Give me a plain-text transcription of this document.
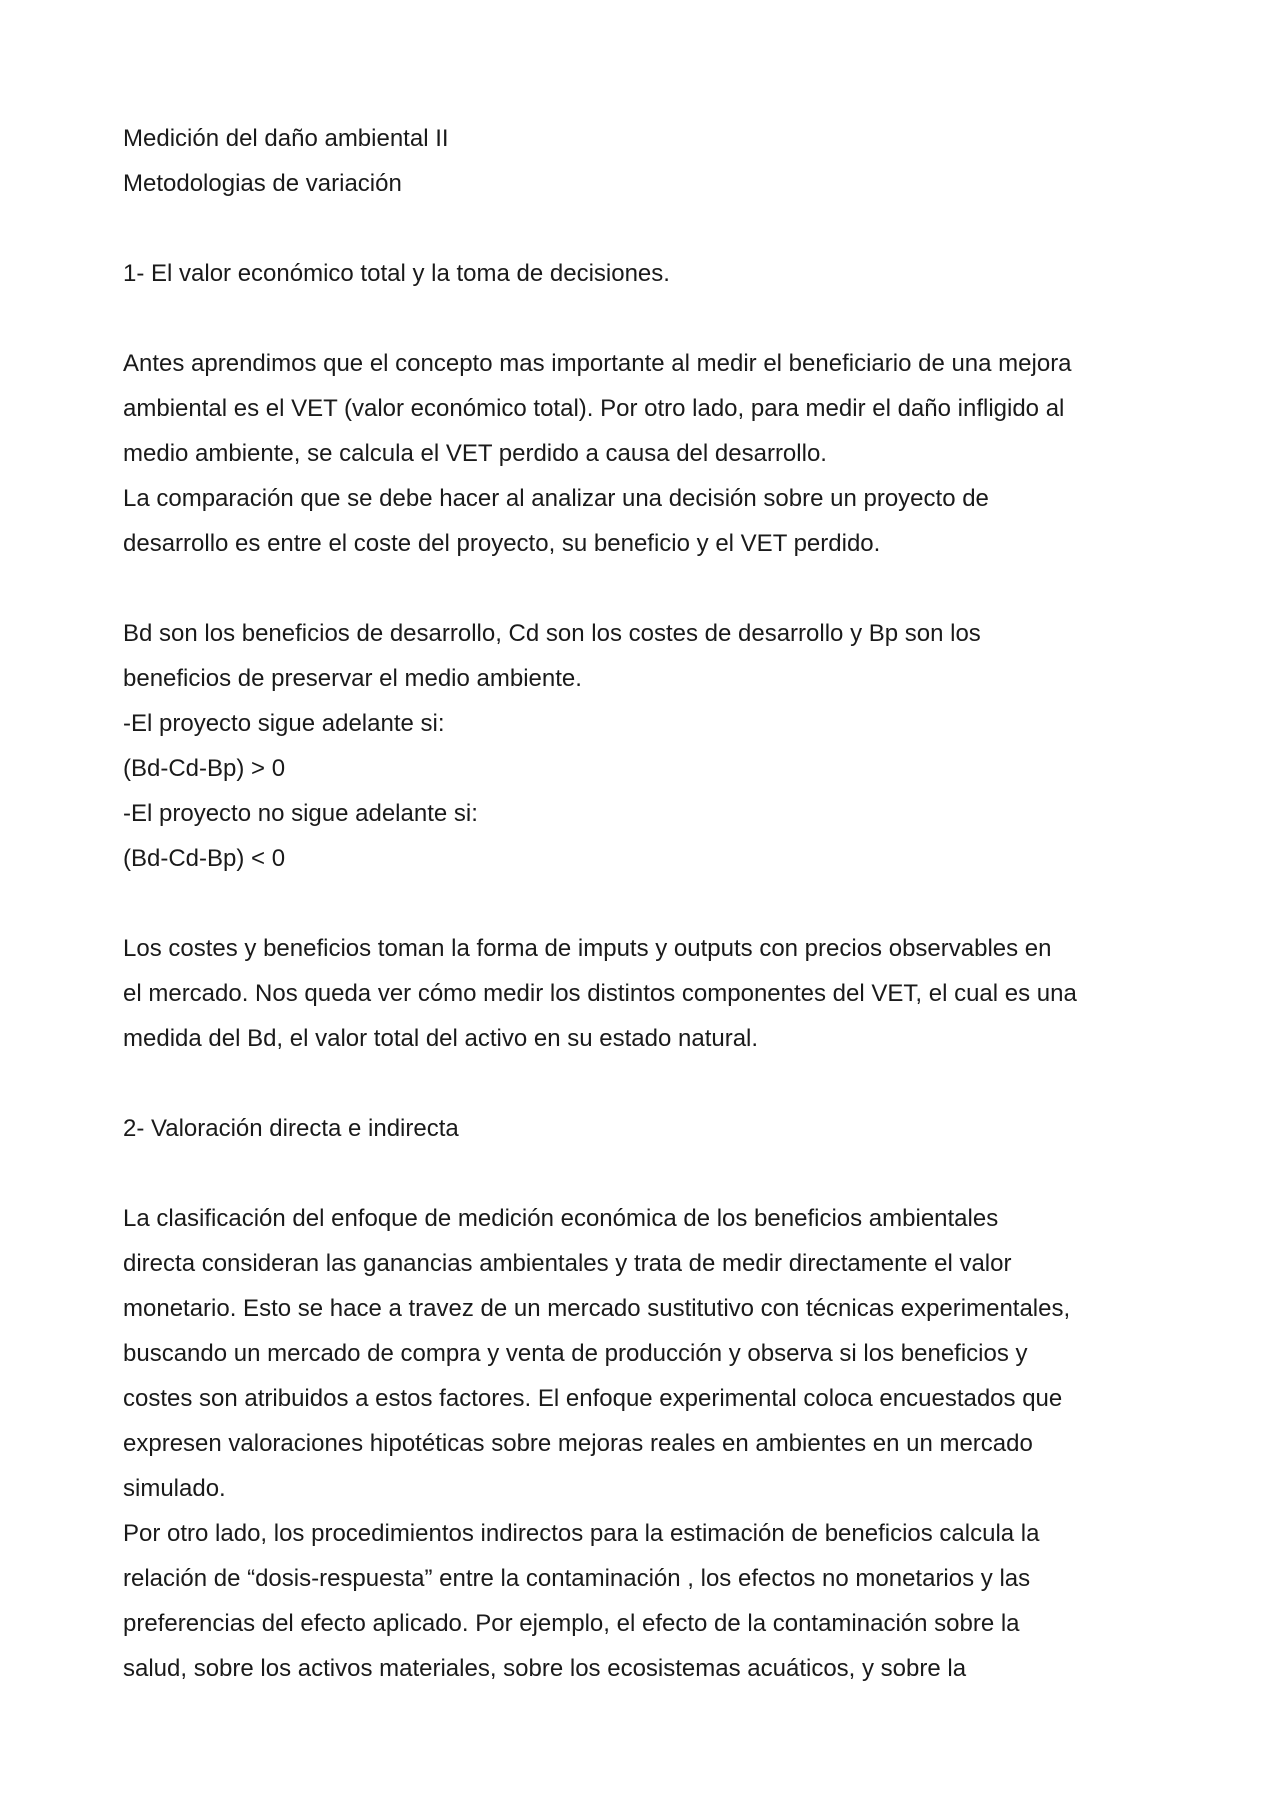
Medición del daño ambiental II
Metodologias de variación
1- El valor económico total y la toma de decisiones.
Antes aprendimos que el concepto mas importante al medir el beneficiario de una mejora
ambiental es el VET (valor económico total). Por otro lado, para medir el daño infligido al
medio ambiente, se calcula el VET perdido a causa del desarrollo.
La comparación que se debe hacer al analizar una decisión sobre un proyecto de
desarrollo es entre el coste del proyecto, su beneficio y el VET perdido.
Bd son los beneficios de desarrollo, Cd son los costes de desarrollo y Bp son los
beneficios de preservar el medio ambiente.
-El proyecto sigue adelante si:
(Bd-Cd-Bp) > 0
-El proyecto no sigue adelante si:
(Bd-Cd-Bp) < 0
Los costes y beneficios toman la forma de imputs y outputs con precios observables en
el mercado. Nos queda ver cómo medir los distintos componentes del VET, el cual es una
medida del Bd, el valor total del activo en su estado natural.
2- Valoración directa e indirecta
La clasificación del enfoque de medición económica de los beneficios ambientales
directa consideran las ganancias ambientales y trata de medir directamente el valor
monetario. Esto se hace a travez de un mercado sustitutivo con técnicas experimentales,
buscando un mercado de compra y venta de producción y observa si los beneficios y
costes son atribuidos a estos factores. El enfoque experimental coloca encuestados que
expresen valoraciones hipotéticas sobre mejoras reales en ambientes en un mercado
simulado.
Por otro lado, los procedimientos indirectos para la estimación de beneficios calcula la
relación de “dosis-respuesta” entre la contaminación , los efectos no monetarios y las
preferencias del efecto aplicado. Por ejemplo, el efecto de la contaminación sobre la
salud, sobre los activos materiales, sobre los ecosistemas acuáticos, y sobre la
